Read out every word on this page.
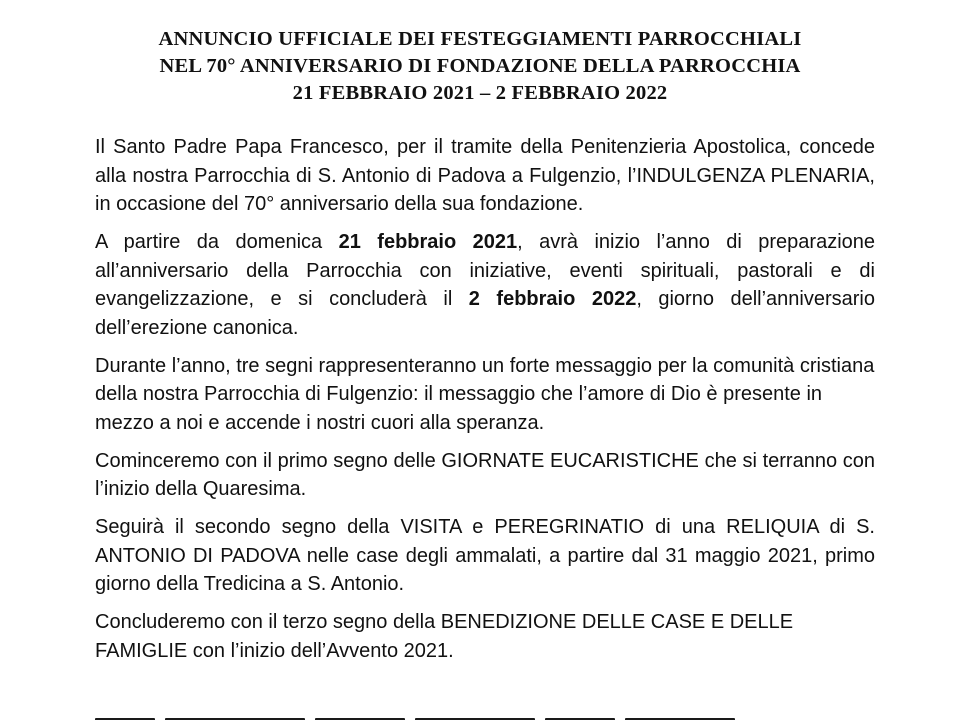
ANNUNCIO UFFICIALE DEI FESTEGGIAMENTI PARROCCHIALI
NEL 70° ANNIVERSARIO DI FONDAZIONE DELLA PARROCCHIA
21 FEBBRAIO 2021 – 2 FEBBRAIO 2022

Il Santo Padre Papa Francesco, per il tramite della Penitenzieria Apostolica, concede alla nostra Parrocchia di S. Antonio di Padova a Fulgenzio, l’INDULGENZA PLENARIA, in occasione del 70° anniversario della sua fondazione.

A partire da domenica 21 febbraio 2021, avrà inizio l’anno di preparazione all’anniversario della Parrocchia con iniziative, eventi spirituali, pastorali e di evangelizzazione, e si concluderà il 2 febbraio 2022, giorno dell’anniversario dell’erezione canonica.

Durante l’anno, tre segni rappresenteranno un forte messaggio per la comunità cristiana della nostra Parrocchia di Fulgenzio: il messaggio che l’amore di Dio è presente in mezzo a noi e accende i nostri cuori alla speranza.

Cominceremo con il primo segno delle GIORNATE EUCARISTICHE che si terranno con l’inizio della Quaresima.

Seguirà il secondo segno della VISITA e PEREGRINATIO di una RELIQUIA di S. ANTONIO DI PADOVA nelle case degli ammalati, a partire dal 31 maggio 2021, primo giorno della Tredicina a S. Antonio.

Concluderemo con il terzo segno della BENEDIZIONE DELLE CASE E DELLE FAMIGLIE con l’inizio dell’Avvento 2021.
